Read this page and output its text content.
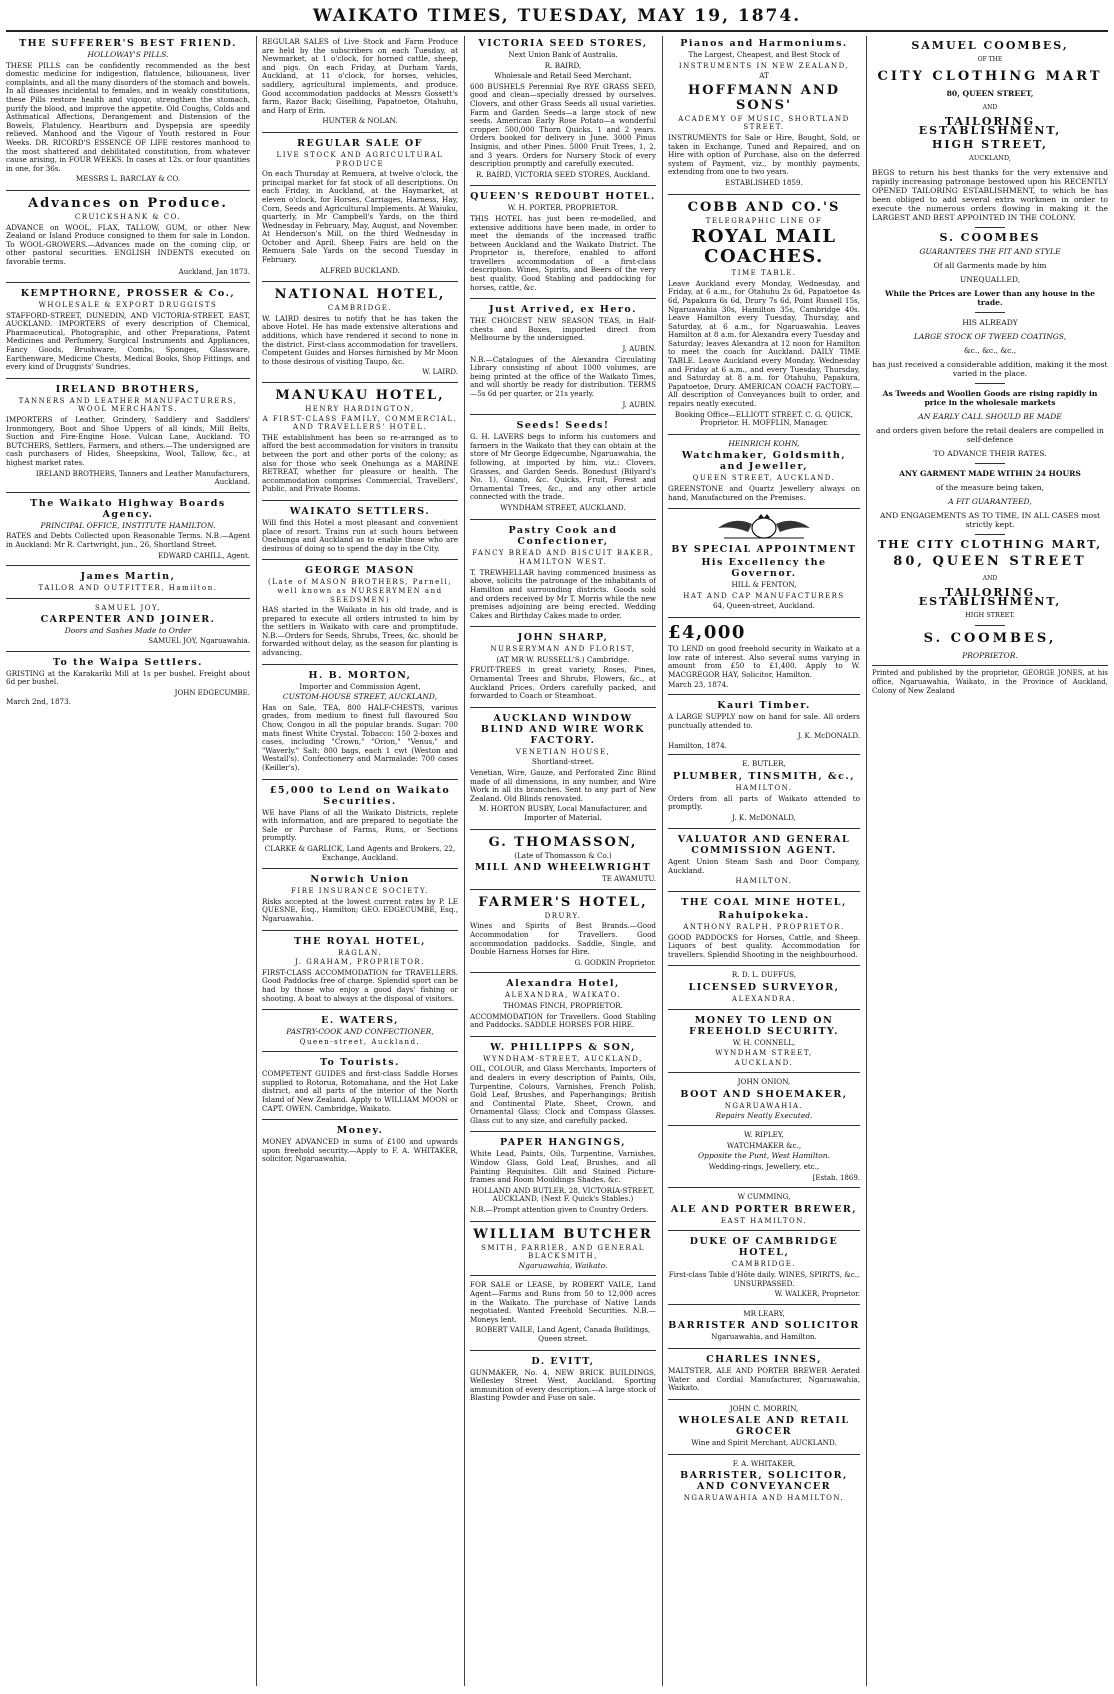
WAIKATO TIMES, TUESDAY, MAY 19, 1874.
THE SUFFERER'S BEST FRIEND.
HOLLOWAY'S PILLS.
THESE PILLS can be confidently recommended as the best domestic medicine for indigestion, flatulence, biliousness, liver complaints, and all the many disorders of the stomach and bowels. In all diseases incidental to females, and in weakly constitutions, these Pills restore health and vigour, strengthen the stomach, purify the blood, and improve the appetite. Old Coughs, Colds and Asthmatical Affections, Derangement and Distension of the Bowels, Flatulency, Heartburn and Dyspepsia are speedily relieved. Manhood and the Vigour of Youth restored in Four Weeks. DR. RICORD'S ESSENCE OF LIFE restores manhood to the most shattered and debilitated constitution, from whatever cause arising, in FOUR WEEKS. In cases at 12s. or four quantities in one, for 36s.
MESSRS L. BARCLAY & CO.
Advances on Produce.
CRUICKSHANK & CO.
ADVANCE on WOOL, FLAX, TALLOW, GUM, or other New Zealand or Island Produce consigned to them for sale in London. To WOOL-GROWERS.—Advances made on the coming clip, or other pastoral securities. ENGLISH INDENTS executed on favorable terms.
Auckland, Jan 1873.
KEMPTHORNE, PROSSER & Co.,
WHOLESALE & EXPORT DRUGGISTS
STAFFORD-STREET, DUNEDIN, AND VICTORIA-STREET, EAST, AUCKLAND. IMPORTERS of every description of Chemical, Pharmaceutical, Photographic, and other Preparations, Patent Medicines and Perfumery, Surgical Instruments and Appliances, Fancy Goods, Brushware, Combs, Sponges, Glassware, Earthenware, Medicine Chests, Medical Books, Shop Fittings, and every kind of Druggists' Sundries.
IRELAND BROTHERS,
TANNERS AND LEATHER MANUFACTURERS, WOOL MERCHANTS.
IMPORTERS of Leather, Grindery, Saddlery and Saddlers' Ironmongery, Boot and Shoe Uppers of all kinds, Mill Belts, Suction and Fire-Engine Hose. Vulcan Lane, Auckland. TO BUTCHERS, Settlers, Farmers, and others.—The undersigned are cash purchasers of Hides, Sheepskins, Wool, Tallow, &c., at highest market rates.
IRELAND BROTHERS, Tanners and Leather Manufacturers, Auckland.
The Waikato Highway Boards Agency.
PRINCIPAL OFFICE, INSTITUTE HAMILTON.
RATES and Debts Collected upon Reasonable Terms. N.B.—Agent in Auckland: Mr R. Cartwright, jun., 26, Shortland Street.
EDWARD CAHILL, Agent.
James Martin,
TAILOR AND OUTFITTER, Hamilton.
SAMUEL JOY,
CARPENTER AND JOINER.
Doors and Sashes Made to Order
SAMUEL JOY, Ngaruawahia.
To the Waipa Settlers.
GRISTING at the Karakariki Mill at 1s per bushel. Freight about 6d per bushel.
JOHN EDGECUMBE.
March 2nd, 1873.
REGULAR SALES of Live Stock and Farm Produce are held by the subscribers on each Tuesday, at Newmarket, at 1 o'clock, for horned cattle, sheep, and pigs. On each Friday, at Durham Yards, Auckland, at 11 o'clock, for horses, vehicles, saddlery, agricultural implements, and produce. Good accommodation paddocks at Messrs Gossett's farm, Razor Back; Giselbing, Papatoetoe, Otahuhu, and Harp of Erin.
HUNTER & NOLAN.
REGULAR SALE OF
LIVE STOCK AND AGRICULTURAL PRODUCE
On each Thursday at Remuera, at twelve o'clock, the principal market for fat stock of all descriptions. On each Friday, in Auckland, at the Haymarket, at eleven o'clock, for Horses, Carriages, Harness, Hay, Corn, Seeds and Agricultural Implements. At Waiuku, quarterly, in Mr Campbell's Yards, on the third Wednesday in February, May, August, and November. At Henderson's Mill, on the third Wednesday in October and April. Sheep Fairs are held on the Remuera Sale Yards on the second Tuesday in February.
ALFRED BUCKLAND.
NATIONAL HOTEL,
CAMBRIDGE.
W. LAIRD desires to notify that he has taken the above Hotel. He has made extensive alterations and additions, which have rendered it second to none in the district. First-class accommodation for travellers. Competent Guides and Horses furnished by Mr Moon to those desirous of visiting Taupo, &c.
W. LAIRD.
MANUKAU HOTEL,
HENRY HARDINGTON,
A FIRST-CLASS FAMILY, COMMERCIAL, AND TRAVELLERS' HOTEL.
THE establishment has been so re-arranged as to afford the best accommodation for visitors in transitu between the port and other ports of the colony; as also for those who seek Onehunga as a MARINE RETREAT, whether for pleasure or health. The accommodation comprises Commercial, Travellers', Public, and Private Rooms.
WAIKATO SETTLERS.
Will find this Hotel a most pleasant and convenient place of resort. Trains run at such hours between Onehunga and Auckland as to enable those who are desirous of doing so to spend the day in the City.
GEORGE MASON
(Late of MASON BROTHERS, Parnell, well known as NURSERYMEN and SEEDSMEN)
HAS started in the Waikato in his old trade, and is prepared to execute all orders intrusted to him by the settlers in Waikato with care and promptitude. N.B.—Orders for Seeds, Shrubs, Trees, &c. should be forwarded without delay, as the season for planting is advancing.
H. B. MORTON,
Importer and Commission Agent,
CUSTOM-HOUSE STREET, AUCKLAND,
Has on Sale, TEA, 800 HALF-CHESTS, various grades, from medium to finest full flavoured Sou Chow, Congou in all the popular brands. Sugar: 700 mats finest White Crystal. Tobacco: 150 2-boxes and cases, including "Crown," "Orion," "Venus," and "Waverly." Salt: 800 bags, each 1 cwt (Weston and Westall's). Confectionery and Marmalade: 700 cases (Keiller's).
£5,000 to Lend on Waikato Securities.
WE have Plans of all the Waikato Districts, replete with information, and are prepared to negotiate the Sale or Purchase of Farms, Runs, or Sections promptly.
CLARKE & GARLICK, Land Agents and Brokers, 22, Exchange, Auckland.
Norwich Union
FIRE INSURANCE SOCIETY.
Risks accepted at the lowest current rates by P. LE QUESNE, Esq., Hamilton; GEO. EDGECUMBE, Esq., Ngaruawahia.
THE ROYAL HOTEL,
RAGLAN.
J. GRAHAM, PROPRIETOR.
FIRST-CLASS ACCOMMODATION for TRAVELLERS. Good Paddocks free of charge. Splendid sport can be had by those who enjoy a good days' fishing or shooting. A boat to always at the disposal of visitors.
E. WATERS,
PASTRY-COOK AND CONFECTIONER,
Queen-street, Auckland.
To Tourists.
COMPETENT GUIDES and first-class Saddle Horses supplied to Rotorua, Rotomahana, and the Hot Lake district, and all parts of the interior of the North Island of New Zealand. Apply to WILLIAM MOON or CAPT. OWEN. Cambridge, Waikato.
Money.
MONEY ADVANCED in sums of £100 and upwards upon freehold security.—Apply to F. A. WHITAKER, solicitor, Ngaruawahia.
VICTORIA SEED STORES,
Next Union Bank of Australia.
R. BAIRD,
Wholesale and Retail Seed Merchant.
600 BUSHELS Perennial Rye RYE GRASS SEED, good and clean—specially dressed by ourselves. Clovers, and other Grass Seeds all usual varieties. Farm and Garden Seeds—a large stock of new seeds. American Early Rose Potato—a wonderful cropper. 500,000 Thorn Quicks, 1 and 2 years. Orders booked for delivery in June. 3000 Pinus Insignis, and other Pines. 5000 Fruit Trees, 1, 2, and 3 years. Orders for Nursery Stock of every description promptly and carefully executed.
R. BAIRD, VICTORIA SEED STORES, Auckland.
QUEEN'S REDOUBT HOTEL.
W. H. PORTER, PROPRIETOR.
THIS HOTEL has just been re-modelled, and extensive additions have been made, in order to meet the demands of the increased traffic between Auckland and the Waikato District. The Proprietor is, therefore, enabled to afford travellers accommodation of a first-class description. Wines, Spirits, and Beers of the very best quality. Good Stabling and paddocking for horses, cattle, &c.
Just Arrived, ex Hero.
THE CHOICEST NEW SEASON TEAS, in Half-chests and Boxes, imported direct from Melbourne by the undersigned.
J. AUBIN.
N.B.—Catalogues of the Alexandra Circulating Library consisting of about 1000 volumes, are being printed at the office of the Waikato Times, and will shortly be ready for distribution. TERMS—5s 6d per quarter, or 21s yearly.
J. AUBIN.
Seeds! Seeds!
G. H. LAVERS begs to inform his customers and farmers in the Waikato that they can obtain at the store of Mr George Edgecumbe, Ngaruawahia, the following, at imported by him, viz.: Clovers, Grasses, and Garden Seeds. Bonedust (Bilyard's No. 1), Guano, &c. Quicks, Fruit, Forest and Ornamental Trees, &c., and any other article connected with the trade.
WYNDHAM STREET, AUCKLAND.
Pastry Cook and Confectioner,
FANCY BREAD AND BISCUIT BAKER,
HAMILTON WEST.
T. TREWHELLAR having commenced business as above, solicits the patronage of the inhabitants of Hamilton and surrounding districts. Goods sold and orders received by Mr T. Morris while the new premises adjoining are being erected. Wedding Cakes and Birthday Cakes made to order.
JOHN SHARP,
NURSERYMAN AND FLORIST,
(AT MR W. RUSSELL'S.) Cambridge.
FRUIT-TREES in great variety, Roses, Pines, Ornamental Trees and Shrubs, Flowers, &c., at Auckland Prices. Orders carefully packed, and forwarded to Coach or Steamboat.
AUCKLAND WINDOW BLIND AND WIRE WORK FACTORY.
VENETIAN HOUSE,
Shortland-street.
Venetian, Wire, Gauze, and Perforated Zinc Blind made of all dimensions, in any number, and Wire Work in all its branches. Sent to any part of New Zealand. Old Blinds renovated.
M. HORTON BUSBY, Local Manufacturer, and Importer of Material.
G. THOMASSON,
(Late of Thomasson & Co.)
MILL AND WHEELWRIGHT
TE AWAMUTU.
FARMER'S HOTEL,
DRURY.
Wines and Spirits of Best Brands.—Good Accommodation for Travellers. Good accommodation paddocks. Saddle, Single, and Double Harness Horses for Hire.
G. GODKIN Proprietor.
Alexandra Hotel,
ALEXANDRA, WAIKATO.
THOMAS FINCH, PROPRIETOR.
ACCOMMODATION for Travellers. Good Stabling and Paddocks. SADDLE HORSES FOR HIRE.
W. PHILLIPPS & SON,
WYNDHAM-STREET, AUCKLAND,
OIL, COLOUR, and Glass Merchants, Importers of and dealers in every description of Paints, Oils, Turpentine, Colours, Varnishes, French Polish, Gold Leaf, Brushes, and Paperhangings; British and Continental Plate, Sheet, Crown, and Ornamental Glass; Clock and Compass Glasses. Glass cut to any size, and carefully packed.
PAPER HANGINGS,
White Lead, Paints, Oils, Turpentine, Varnishes, Window Glass, Gold Leaf, Brushes, and all Painting Requisites. Gilt and Stained Picture-frames and Room Mouldings Shades, &c.
HOLLAND AND BUTLER, 28, VICTORIA-STREET, AUCKLAND, (Next F. Quick's Stables.)
N.B.—Prompt attention given to Country Orders.
WILLIAM BUTCHER
SMITH, FARRIER, AND GENERAL BLACKSMITH,
Ngaruawahia, Waikato.
FOR SALE or LEASE, by ROBERT VAILE, Land Agent—Farms and Runs from 50 to 12,000 acres in the Waikato. The purchase of Native Lands negotiated. Wanted Freehold Securities. N.B.—Moneys lent.
ROBERT VAILE, Land Agent, Canada Buildings, Queen street.
D. EVITT,
GUNMAKER, No. 4, NEW BRICK BUILDINGS, Wellesley Street West, Auckland. Sporting ammunition of every description.—A large stock of Blasting Powder and Fuse on sale.
Pianos and Harmoniums.
The Largest, Cheapest, and Best Stock of
INSTRUMENTS IN NEW ZEALAND,
AT
HOFFMANN AND SONS'
ACADEMY OF MUSIC, SHORTLAND STREET.
INSTRUMENTS for Sale or Hire, Bought, Sold, or taken in Exchange, Tuned and Repaired, and on Hire with option of Purchase, also on the deferred system of Payment, viz., by monthly payments, extending from one to two years.
ESTABLISHED 1859.
COBB AND CO.'S
TELEGRAPHIC LINE OF
ROYAL MAIL COACHES.
TIME TABLE.
Leave Auckland every Monday, Wednesday, and Friday, at 6 a.m., for Otahuhu 2s 6d, Papatoetoe 4s 6d, Papakura 6s 6d, Drury 7s 6d, Point Russell 15s, Ngaruawahia 30s, Hamilton 35s, Cambridge 40s. Leave Hamilton every Tuesday, Thursday, and Saturday, at 6 a.m., for Ngaruawahia. Leaves Hamilton at 8 a.m. for Alexandra every Tuesday and Saturday; leaves Alexandra at 12 noon for Hamilton to meet the coach for Auckland. DAILY TIME TABLE. Leave Auckland every Monday, Wednesday and Friday at 6 a.m., and every Tuesday, Thursday, and Saturday at 8 a.m. for Otahuhu, Papakura, Papatoetoe, Drury. AMERICAN COACH FACTORY.—All description of Conveyances built to order, and repairs neatly executed.
Booking Office—ELLIOTT STREET. C. G. QUICK, Proprietor. H. MOFFLIN, Manager.
HEINRICH KOHN,
Watchmaker, Goldsmith, and Jeweller,
QUEEN STREET, AUCKLAND.
GREENSTONE and Quartz Jewellery always on hand, Manufactured on the Premises.
BY SPECIAL APPOINTMENT
His Excellency the Governor.
HILL & FENTON,
HAT AND CAP MANUFACTURERS
64, Queen-street, Auckland.
£4,000
TO LEND on good freehold security in Waikato at a low rate of interest. Also several sums varying in amount from £50 to £1,400. Apply to W. MACGREGOR HAY, Solicitor, Hamilton.
March 23, 1874.
Kauri Timber.
A LARGE SUPPLY now on hand for sale. All orders punctually attended to.
J. K. McDONALD.
Hamilton, 1874.
E. BUTLER,
PLUMBER, TINSMITH, &c.,
HAMILTON.
Orders from all parts of Waikato attended to promptly.
J. K. McDONALD,
VALUATOR AND GENERAL COMMISSION AGENT.
Agent Union Steam Sash and Door Company, Auckland.
HAMILTON.
THE COAL MINE HOTEL,
Rahuipokeka.
ANTHONY RALPH, PROPRIETOR.
GOOD PADDOCKS for Horses, Cattle, and Sheep. Liquors of best quality. Accommodation for travellers. Splendid Shooting in the neighbourhood.
R. D. L. DUFFUS,
LICENSED SURVEYOR,
ALEXANDRA.
MONEY TO LEND ON FREEHOLD SECURITY.
W. H. CONNELL,
WYNDHAM STREET,
AUCKLAND.
JOHN ONION,
BOOT AND SHOEMAKER,
NGARUAWAHIA.
Repairs Neatly Executed.
W. RIPLEY,
WATCHMAKER &c.,
Opposite the Punt, West Hamilton.
Wedding-rings, Jewellery, etc.,
[Estab. 1869.
W CUMMING,
ALE AND PORTER BREWER,
EAST HAMILTON.
DUKE OF CAMBRIDGE HOTEL,
CAMBRIDGE.
First-class Table d'Hôte daily. WINES, SPIRITS, &c., UNSURPASSED.
W. WALKER, Proprietor.
MR LEARY,
BARRISTER AND SOLICITOR
Ngaruawahia, and Hamilton.
CHARLES INNES,
MALTSTER, ALE AND PORTER BREWER Aerated Water and Cordial Manufacturer, Ngaruawahia, Waikato.
JOHN C. MORRIN,
WHOLESALE AND RETAIL GROCER
Wine and Spirit Merchant, AUCKLAND.
F. A. WHITAKER,
BARRISTER, SOLICITOR, AND CONVEYANCER
NGARUAWAHIA AND HAMILTON.
SAMUEL COOMBES,
OF THE
CITY CLOTHING MART
80, QUEEN STREET,
AND
TAILORING ESTABLISHMENT,
HIGH STREET,
AUCKLAND,
BEGS to return his best thanks for the very extensive and rapidly increasing patronage bestowed upon his RECENTLY OPENED TAILORING ESTABLISHMENT, to which he has been obliged to add several extra workmen in order to execute the numerous orders flowing in making it the LARGEST AND BEST APPOINTED IN THE COLONY.
S. COOMBES
GUARANTEES THE FIT AND STYLE
Of all Garments made by him
UNEQUALLED,
While the Prices are Lower than any house in the trade.
HIS ALREADY
LARGE STOCK OF TWEED COATINGS,
&c., &c., &c.,
has just received a considerable addition, making it the most varied in the place.
As Tweeds and Woollen Goods are rising rapidly in price in the wholesale markets
AN EARLY CALL SHOULD BE MADE
and orders given before the retail dealers are compelled in self-defence
TO ADVANCE THEIR RATES.
ANY GARMENT MADE WITHIN 24 HOURS
of the measure being taken,
A FIT GUARANTEED,
AND ENGAGEMENTS AS TO TIME, IN ALL CASES most strictly kept.
THE CITY CLOTHING MART,
80, QUEEN STREET
AND
TAILORING ESTABLISHMENT,
HIGH STREET.
S. COOMBES,
PROPRIETOR.
Printed and published by the proprietor, GEORGE JONES, at his office, Ngaruawahia, Waikato, in the Province of Auckland, Colony of New Zealand
